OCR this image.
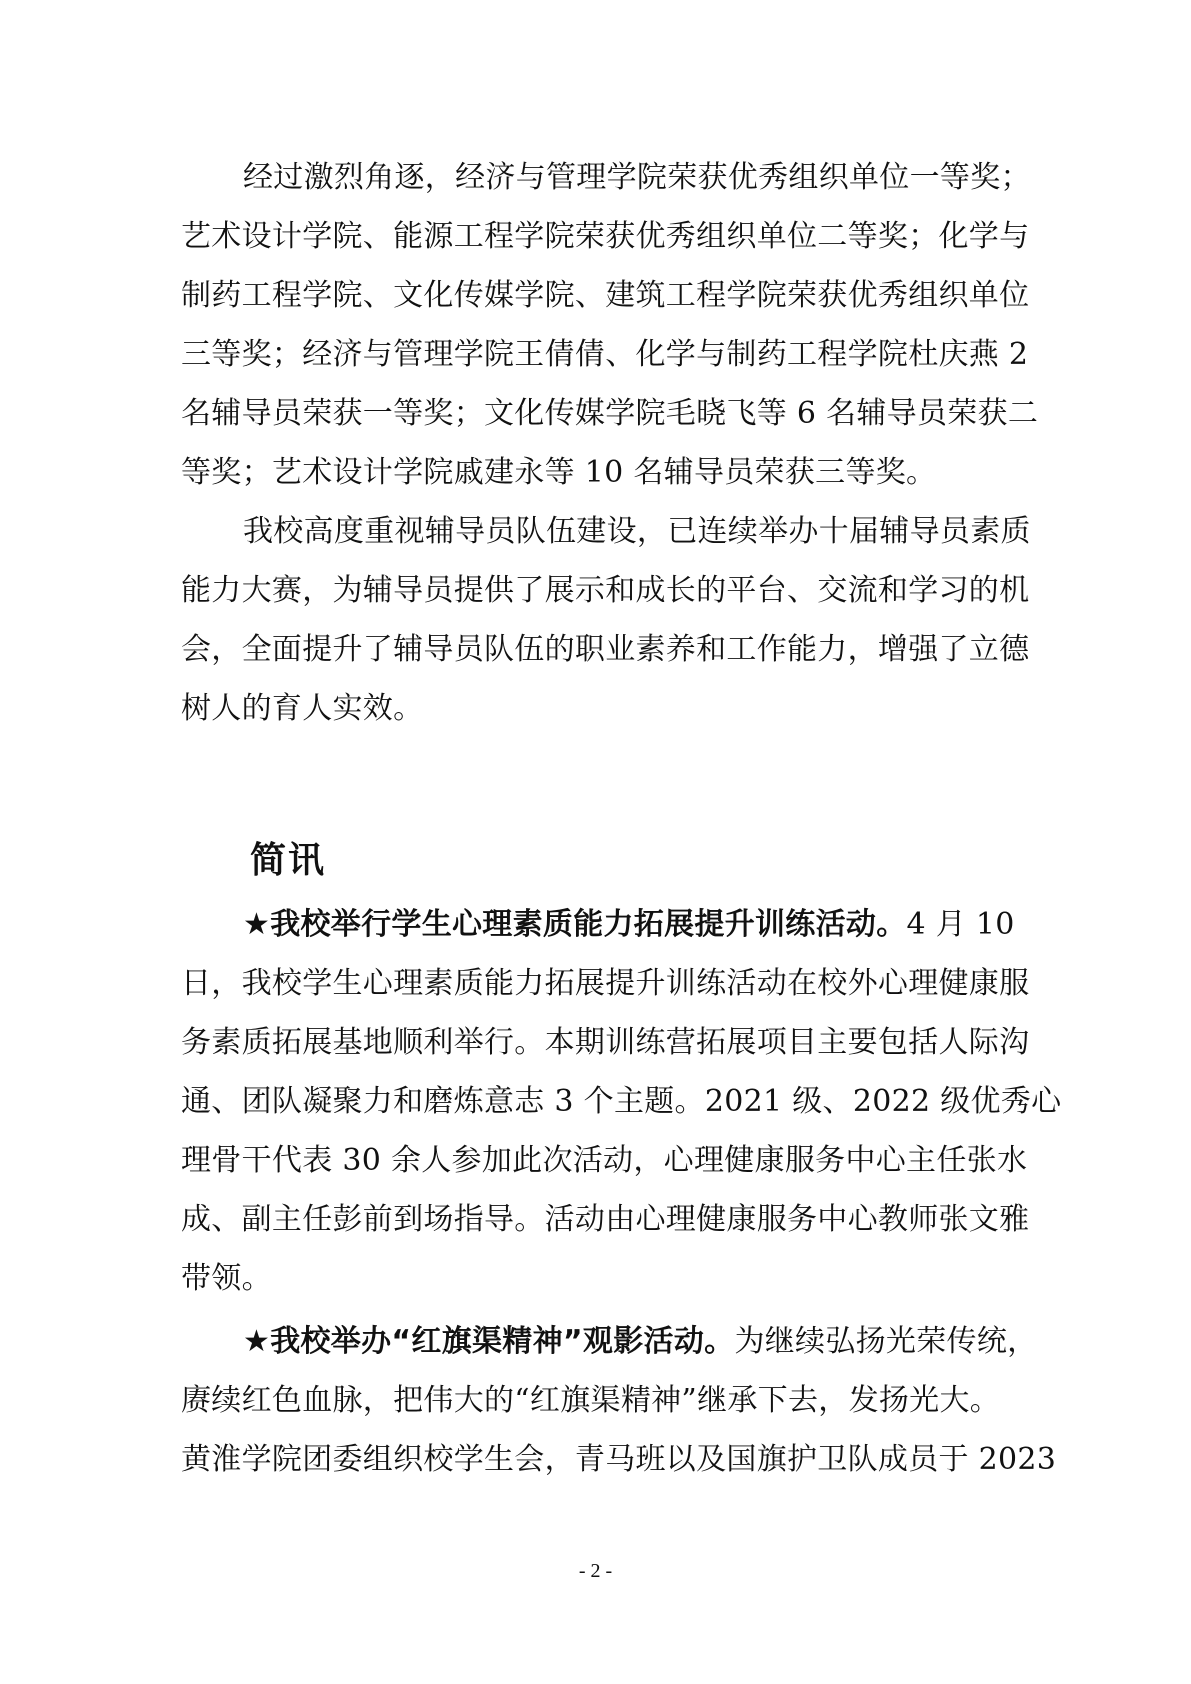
经过激烈角逐，经济与管理学院荣获优秀组织单位一等奖；
艺术设计学院、能源工程学院荣获优秀组织单位二等奖；化学与
制药工程学院、文化传媒学院、建筑工程学院荣获优秀组织单位
三等奖；经济与管理学院王倩倩、化学与制药工程学院杜庆燕 2
名辅导员荣获一等奖；文化传媒学院毛晓飞等 6 名辅导员荣获二
等奖；艺术设计学院戚建永等 10 名辅导员荣获三等奖。
我校高度重视辅导员队伍建设，已连续举办十届辅导员素质
能力大赛，为辅导员提供了展示和成长的平台、交流和学习的机
会，全面提升了辅导员队伍的职业素养和工作能力，增强了立德
树人的育人实效。
简讯
★我校举行学生心理素质能力拓展提升训练活动。4 月 10
日，我校学生心理素质能力拓展提升训练活动在校外心理健康服
务素质拓展基地顺利举行。本期训练营拓展项目主要包括人际沟
通、团队凝聚力和磨炼意志 3 个主题。2021 级、2022 级优秀心
理骨干代表 30 余人参加此次活动，心理健康服务中心主任张水
成、副主任彭前到场指导。活动由心理健康服务中心教师张文雅
带领。
★我校举办“红旗渠精神”观影活动。为继续弘扬光荣传统，
赓续红色血脉，把伟大的“红旗渠精神”继承下去，发扬光大。
黄淮学院团委组织校学生会，青马班以及国旗护卫队成员于 2023
- 2 -
